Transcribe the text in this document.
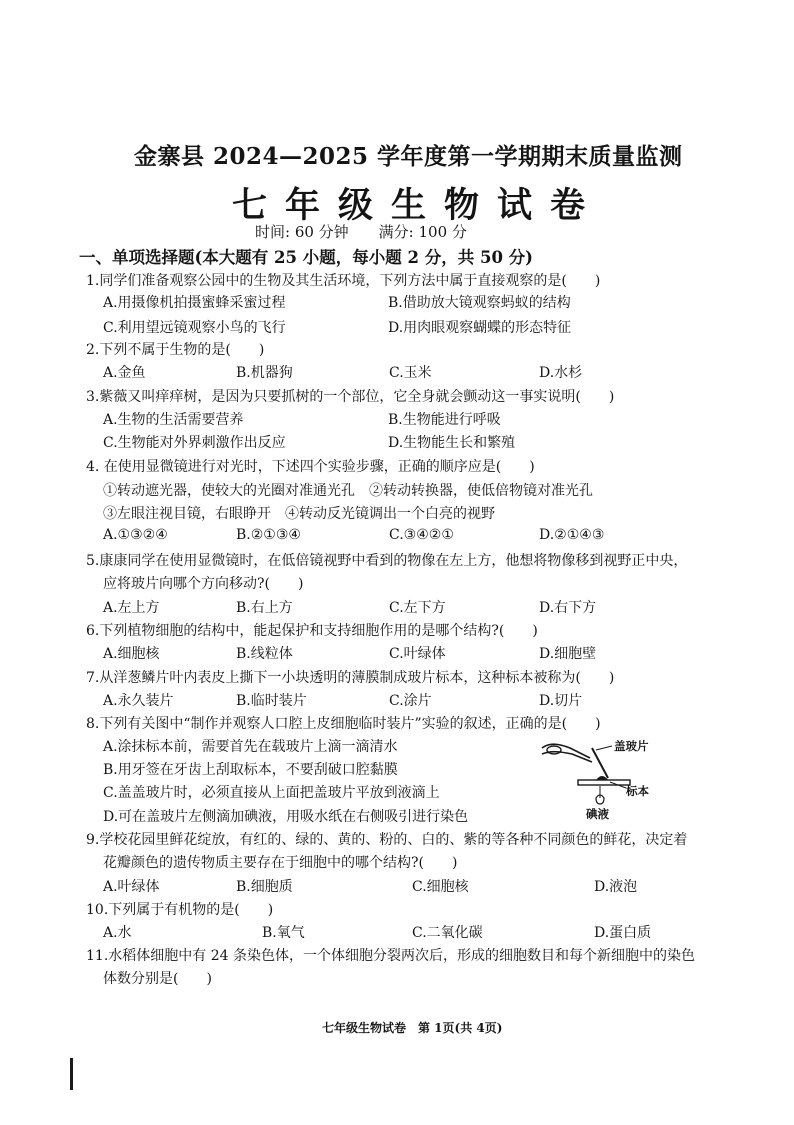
金寨县 2024—2025 学年度第一学期期末质量监测
七年级生物试卷
时间: 60 分钟　　满分: 100 分
一、单项选择题(本大题有 25 小题，每小题 2 分，共 50 分)
1.同学们准备观察公园中的生物及其生活环境，下列方法中属于直接观察的是(　　)
A.用摄像机拍摄蜜蜂采蜜过程	B.借助放大镜观察蚂蚁的结构
C.利用望远镜观察小鸟的飞行	D.用肉眼观察蝴蝶的形态特征
2.下列不属于生物的是(　　)
A.金鱼	B.机器狗	C.玉米	D.水杉
3.紫薇又叫痒痒树，是因为只要抓树的一个部位，它全身就会颤动这一事实说明(　　)
A.生物的生活需要营养	B.生物能进行呼吸
C.生物能对外界刺激作出反应	D.生物能生长和繁殖
4. 在使用显微镜进行对光时，下述四个实验步骤，正确的顺序应是(　　)
①转动遮光器，使较大的光圈对准通光孔　②转动转换器，使低倍物镜对准光孔
③左眼注视目镜，右眼睁开　④转动反光镜调出一个白亮的视野
A.①③②④	B.②①③④	C.③④②①	D.②①④③
5.康康同学在使用显微镜时，在低倍镜视野中看到的物像在左上方，他想将物像移到视野正中央，
应将玻片向哪个方向移动?(　　)
A.左上方	B.右上方	C.左下方	D.右下方
6.下列植物细胞的结构中，能起保护和支持细胞作用的是哪个结构?(　　)
A.细胞核	B.线粒体	C.叶绿体	D.细胞壁
7.从洋葱鳞片叶内表皮上撕下一小块透明的薄膜制成玻片标本，这种标本被称为(　　)
A.永久装片	B.临时装片	C.涂片	D.切片
8.下列有关图中“制作并观察人口腔上皮细胞临时装片”实验的叙述，正确的是(　　)
A.涂抹标本前，需要首先在载玻片上滴一滴清水
B.用牙签在牙齿上刮取标本，不要刮破口腔黏膜
C.盖盖玻片时，必须直接从上面把盖玻片平放到液滴上
D.可在盖玻片左侧滴加碘液，用吸水纸在右侧吸引进行染色
盖玻片
标本
碘液
9.学校花园里鲜花绽放，有红的、绿的、黄的、粉的、白的、紫的等各种不同颜色的鲜花，决定着
花瓣颜色的遗传物质主要存在于细胞中的哪个结构?(　　)
A.叶绿体	B.细胞质	C.细胞核	D.液泡
10.下列属于有机物的是(　　)
A.水	B.氧气	C.二氧化碳	D.蛋白质
11.水稻体细胞中有 24 条染色体，一个体细胞分裂两次后，形成的细胞数目和每个新细胞中的染色
体数分别是(　　)
七年级生物试卷　第 1页(共 4页)
